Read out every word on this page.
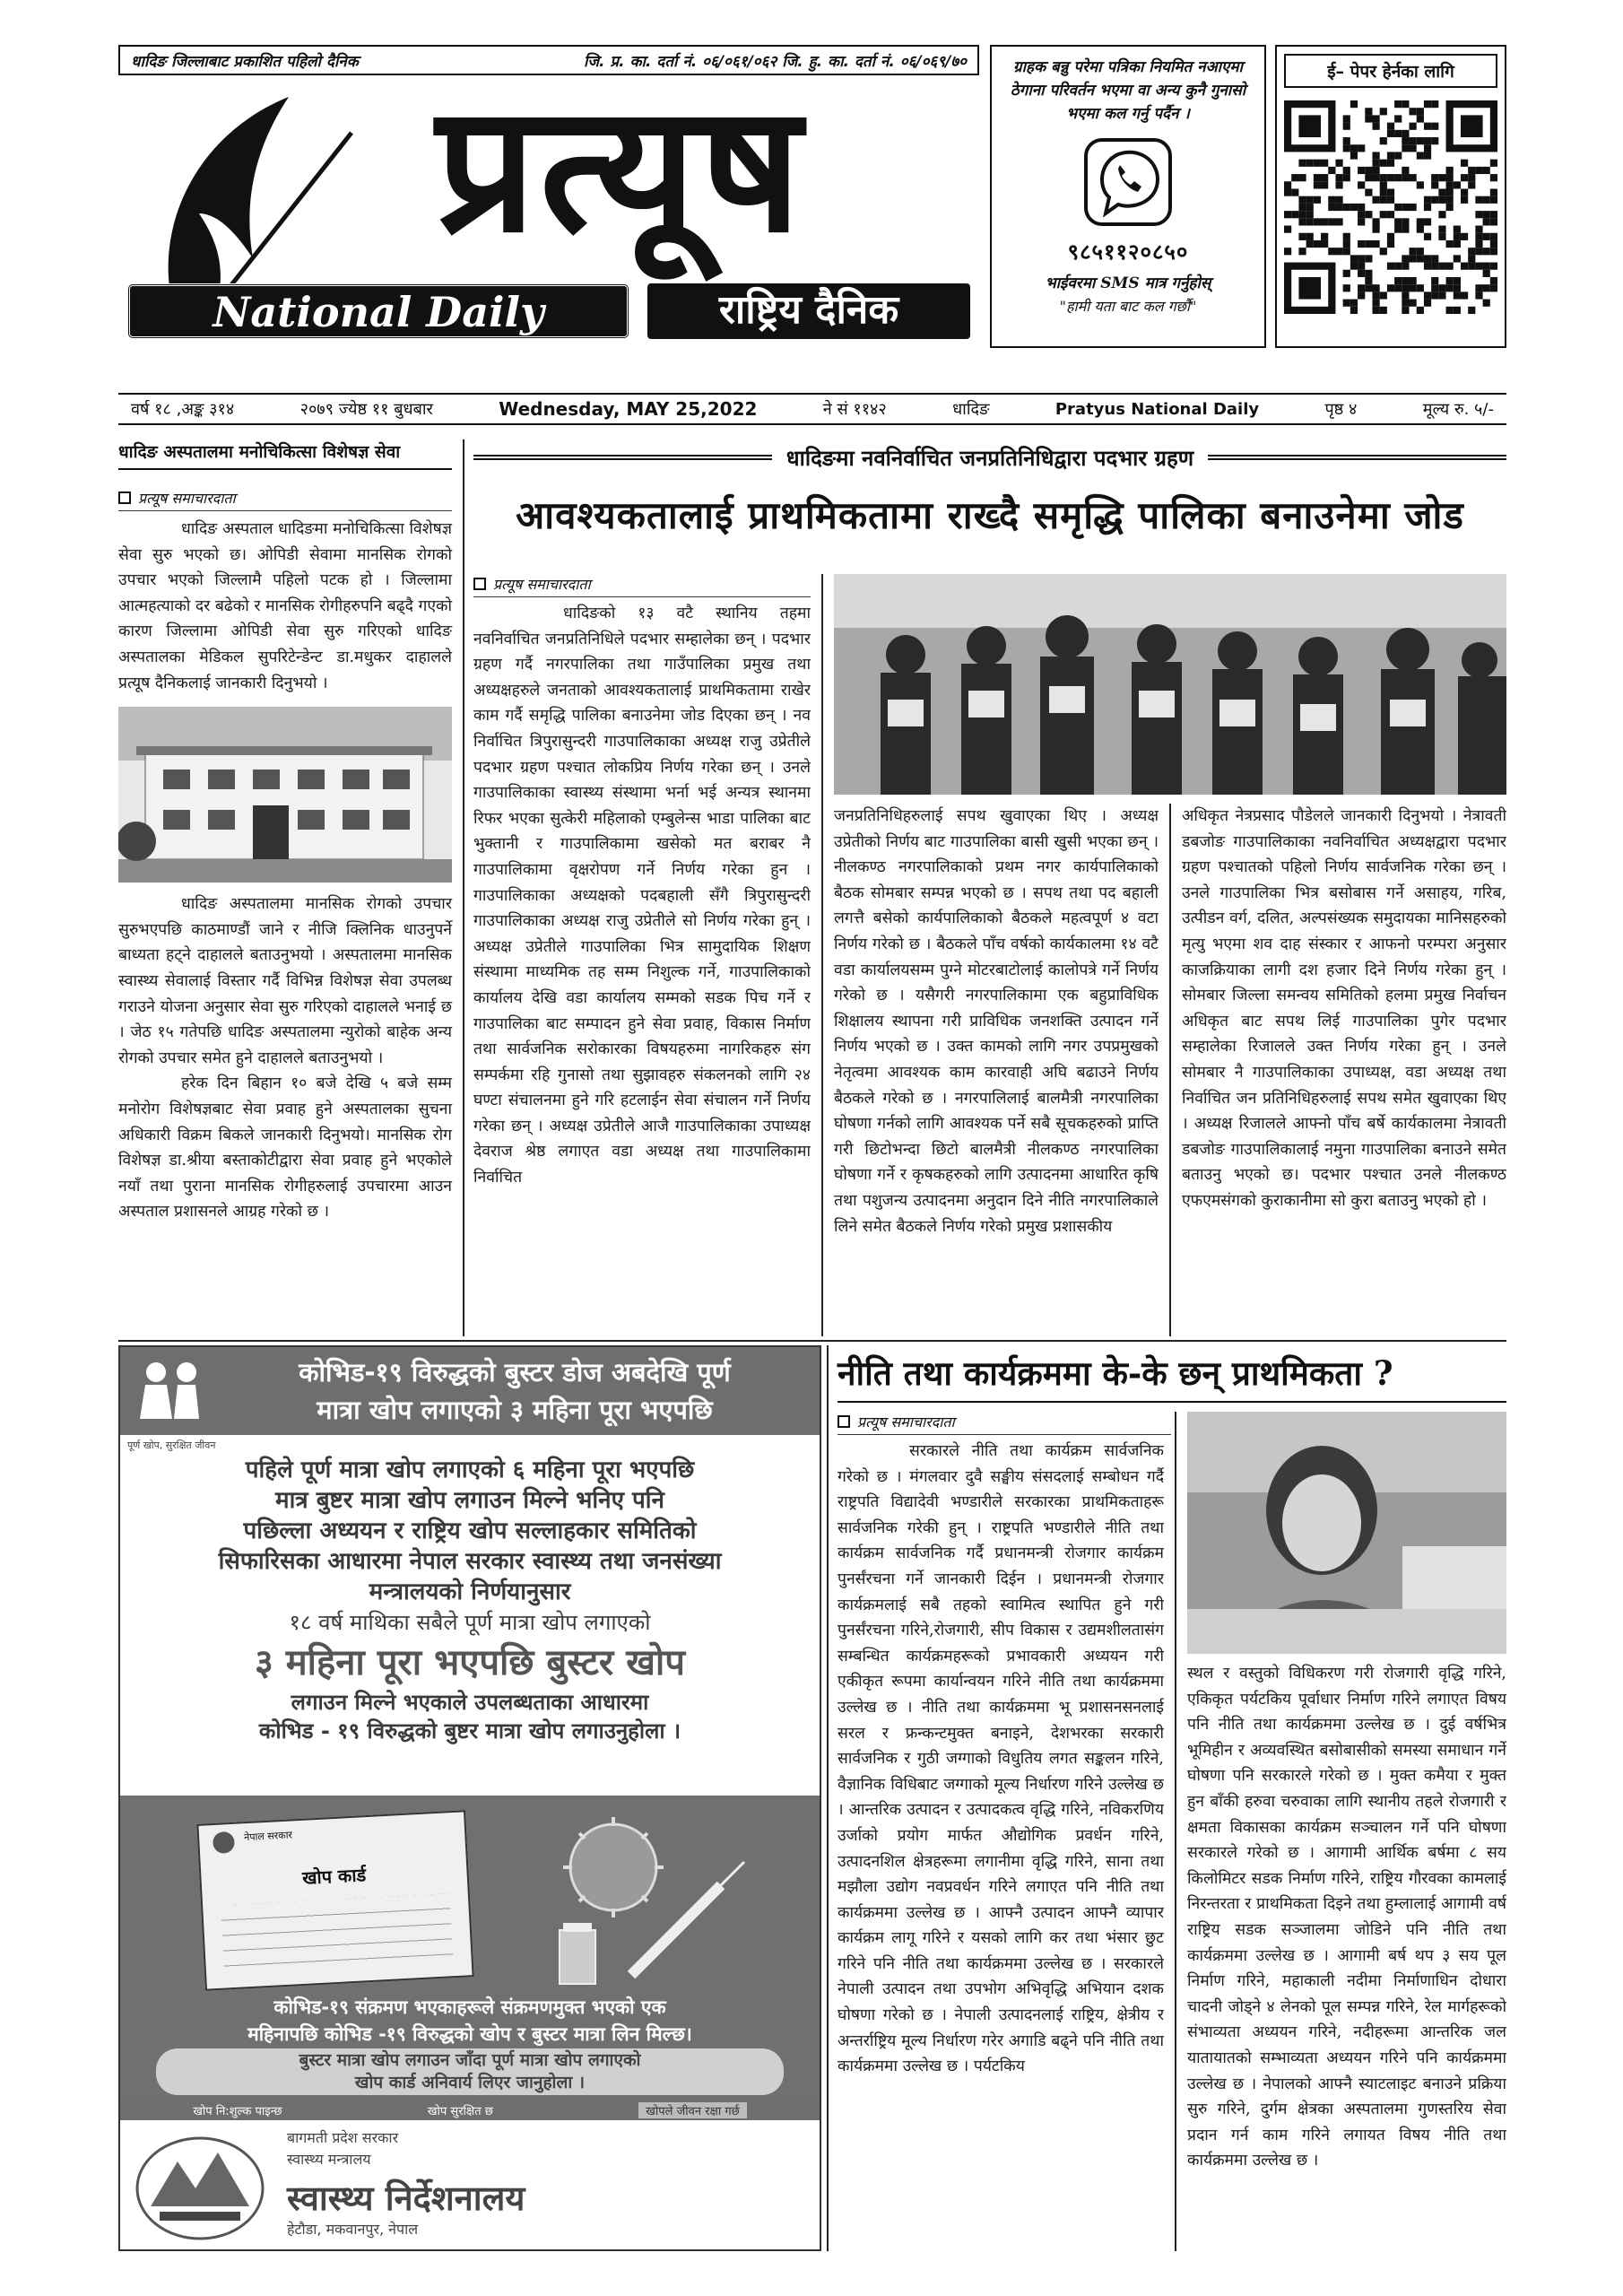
धादिङ जिल्लाबाट प्रकाशित पहिलो दैनिक	जि. प्र. का. दर्ता नं. ०६/०६१/०६२ जि. हु. का. दर्ता नं. ०६/०६९/७०
प्रत्यूष
National Daily	राष्ट्रिय दैनिक
ग्राहक बन्नु परेमा पत्रिका नियमित नआएमा ठेगाना परिवर्तन भएमा वा अन्य कुनै गुनासो भएमा कल गर्नु पर्दैन ।
९८५११२०८५०
भाईवरमा SMS मात्र गर्नुहोस्
"हामी यता बाट कल गर्छौ"
ई– पेपर हेर्नका लागि
वर्ष १८ ,अङ्क ३१४	२०७९ ज्येष्ठ ११ बुधबार	Wednesday, MAY 25,2022	ने सं ११४२	धादिङ	Pratyus National Daily	पृष्ठ ४	मूल्य रु. ५/-
धादिङ अस्पतालमा मनोचिकित्सा विशेषज्ञ सेवा
प्रत्यूष समाचारदाता

धादिङ अस्पताल धादिङमा मनोचिकित्सा विशेषज्ञ सेवा सुरु भएको छ। ओपिडी सेवामा मानसिक रोगको उपचार भएको जिल्लामै पहिलो पटक हो । जिल्लामा आत्महत्याको दर बढेको र मानसिक रोगीहरुपनि बढ्दै गएको कारण जिल्लामा ओपिडी सेवा सुरु गरिएको धादिङ अस्पतालका मेडिकल सुपरिटेन्डेन्ट डा.मधुकर दाहालले प्रत्यूष दैनिकलाई जानकारी दिनुभयो ।

धादिङ अस्पतालमा मानसिक रोगको उपचार सुरुभएपछि काठमाण्डौं जाने र नीजि क्लिनिक धाउनुपर्ने बाध्यता हट्ने दाहालले बताउनुभयो । अस्पतालमा मानसिक स्वास्थ्य सेवालाई विस्तार गर्दै विभिन्न विशेषज्ञ सेवा उपलब्ध गराउने योजना अनुसार सेवा सुरु गरिएको दाहालले भनाई छ । जेठ १५ गतेपछि धादिङ अस्पतालमा न्युरोको बाहेक अन्य रोगको उपचार समेत हुने दाहालले बताउनुभयो ।

हरेक दिन बिहान १० बजे देखि ५ बजे सम्म मनोरोग विशेषज्ञबाट सेवा प्रवाह हुने अस्पतालका सुचना अधिकारी विक्रम बिकले जानकारी दिनुभयो। मानसिक रोग विशेषज्ञ डा.श्रीया बस्ताकोटीद्वारा सेवा प्रवाह हुने भएकोले नयाँ तथा पुराना मानसिक रोगीहरुलाई उपचारमा आउन अस्पताल प्रशासनले आग्रह गरेको छ ।

धादिङमा नवनिर्वाचित जनप्रतिनिधिद्वारा पदभार ग्रहण
आवश्यकतालाई प्राथमिकतामा राख्दै समृद्धि पालिका बनाउनेमा जोड
प्रत्यूष समाचारदाता

धादिङको १३ वटै स्थानिय तहमा नवनिर्वाचित जनप्रतिनिधिले पदभार सम्हालेका छन् । पदभार ग्रहण गर्दै नगरपालिका तथा गाउँपालिका प्रमुख तथा अध्यक्षहरुले जनताको आवश्यकतालाई प्राथमिकतामा राखेर काम गर्दै समृद्धि पालिका बनाउनेमा जोड दिएका छन् । नव निर्वाचित त्रिपुरासुन्दरी गाउपालिकाका अध्यक्ष राजु उप्रेतीले पदभार ग्रहण पश्चात लोकप्रिय निर्णय गरेका छन् । उनले गाउपालिकाका स्वास्थ्य संस्थामा भर्ना भई अन्यत्र स्थानमा रिफर भएका सुत्केरी महिलाको एम्बुलेन्स भाडा पालिका बाट भुक्तानी र गाउपालिकामा खसेको मत बराबर नै गाउपालिकामा वृक्षरोपण गर्ने निर्णय गरेका हुन । गाउपालिकाका अध्यक्षको पदबहाली सँगै त्रिपुरासुन्दरी गाउपालिकाका अध्यक्ष राजु उप्रेतीले सो निर्णय गरेका हुन् । अध्यक्ष उप्रेतीले गाउपालिका भित्र सामुदायिक शिक्षण संस्थामा माध्यमिक तह सम्म निशुल्क गर्ने, गाउपालिकाको कार्यालय देखि वडा कार्यालय सम्मको सडक पिच गर्ने र गाउपालिका बाट सम्पादन हुने सेवा प्रवाह, विकास निर्माण तथा सार्वजनिक सरोकारका विषयहरुमा नागरिकहरु संग सम्पर्कमा रहि गुनासो तथा सुझावहरु संकलनको लागि २४ घण्टा संचालनमा हुने गरि हटलाईन सेवा संचालन गर्ने निर्णय गरेका छन् । अध्यक्ष उप्रेतीले आजै गाउपालिकाका उपाध्यक्ष देवराज श्रेष्ठ लगाएत वडा अध्यक्ष तथा गाउपालिकामा निर्वाचित

जनप्रतिनिधिहरुलाई सपथ खुवाएका थिए । अध्यक्ष उप्रेतीको निर्णय बाट गाउपालिका बासी खुसी भएका छन् । नीलकण्ठ नगरपालिकाको प्रथम नगर कार्यपालिकाको बैठक सोमबार सम्पन्न भएको छ । सपथ तथा पद बहाली लगत्तै बसेको कार्यपालिकाको बैठकले महत्वपूर्ण ४ वटा निर्णय गरेको छ । बैठकले पाँच वर्षको कार्यकालमा १४ वटै वडा कार्यालयसम्म पुग्ने मोटरबाटोलाई कालोपत्रे गर्ने निर्णय गरेको छ । यसैगरी नगरपालिकामा एक बहुप्राविधिक शिक्षालय स्थापना गरी प्राविधिक जनशक्ति उत्पादन गर्ने निर्णय भएको छ । उक्त कामको लागि नगर उपप्रमुखको नेतृत्वमा आवश्यक काम कारवाही अघि बढाउने निर्णय बैठकले गरेको छ । नगरपालिलाई बालमैत्री नगरपालिका घोषणा गर्नको लागि आवश्यक पर्ने सबै सूचकहरुको प्राप्ति गरी छिटोभन्दा छिटो बालमैत्री नीलकण्ठ नगरपालिका घोषणा गर्ने र कृषकहरुको लागि उत्पादनमा आधारित कृषि तथा पशुजन्य उत्पादनमा अनुदान दिने नीति नगरपालिकाले लिने समेत बैठकले निर्णय गरेको प्रमुख प्रशासकीय

अधिकृत नेत्रप्रसाद पौडेलले जानकारी दिनुभयो । नेत्रावती डबजोङ गाउपालिकाका नवनिर्वाचित अध्यक्षद्वारा पदभार ग्रहण पश्चातको पहिलो निर्णय सार्वजनिक गरेका छन् । उनले गाउपालिका भित्र बसोबास गर्ने असाहय, गरिब, उत्पीडन वर्ग, दलित, अल्पसंख्यक समुदायका मानिसहरुको मृत्यु भएमा शव दाह संस्कार र आफनो परम्परा अनुसार काजक्रियाका लागी दश हजार दिने निर्णय गरेका हुन् । सोमबार जिल्ला समन्वय समितिको हलमा प्रमुख निर्वाचन अधिकृत बाट सपथ लिई गाउपालिका पुगेर पदभार सम्हालेका रिजालले उक्त निर्णय गरेका हुन् । उनले सोमबार नै गाउपालिकाका उपाध्यक्ष, वडा अध्यक्ष तथा निर्वाचित जन प्रतिनिधिहरुलाई सपथ समेत खुवाएका थिए । अध्यक्ष रिजालले आफ्नो पाँच बर्षे कार्यकालमा नेत्रावती डबजोङ गाउपालिकालाई नमुना गाउपालिका बनाउने समेत बताउनु भएको छ। पदभार पश्चात उनले नीलकण्ठ एफएमसंगको कुराकानीमा सो कुरा बताउनु भएको हो ।

कोभिड-१९ विरुद्धको बुस्टर डोज अबदेखि पूर्ण
मात्रा खोप लगाएको ३ महिना पूरा भएपछि
पूर्ण खोप, सुरक्षित जीवन
पहिले पूर्ण मात्रा खोप लगाएको ६ महिना पूरा भएपछि
मात्र बुष्टर मात्रा खोप लगाउन मिल्ने भनिए पनि
पछिल्ला अध्ययन र राष्ट्रिय खोप सल्लाहकार समितिको
सिफारिसका आधारमा नेपाल सरकार स्वास्थ्य तथा जनसंख्या
मन्त्रालयको निर्णयानुसार
१८ वर्ष माथिका सबैले पूर्ण मात्रा खोप लगाएको
३ महिना पूरा भएपछि बुस्टर खोप
लगाउन मिल्ने भएकाले उपलब्धताका आधारमा
कोभिड - १९ विरुद्धको बुष्टर मात्रा खोप लगाउनुहोला ।
नेपाल सरकार
खोप कार्ड
कोभिड-१९ संक्रमण भएकाहरूले संक्रमणमुक्त भएको एक
महिनापछि कोभिड -१९ विरुद्धको खोप र बुस्टर मात्रा लिन मिल्छ।
बुस्टर मात्रा खोप लगाउन जाँदा पूर्ण मात्रा खोप लगाएको
खोप कार्ड अनिवार्य लिएर जानुहोला ।
खोप नि:शुल्क पाइन्छ	खोप सुरक्षित छ	खोपले जीवन रक्षा गर्छ
बागमती प्रदेश सरकार
स्वास्थ्य मन्त्रालय
स्वास्थ्य निर्देशनालय
हेटौडा, मकवानपुर, नेपाल
नीति तथा कार्यक्रममा के-के छन् प्राथमिकता ?
प्रत्यूष समाचारदाता

सरकारले नीति तथा कार्यक्रम सार्वजनिक गरेको छ । मंगलवार दुवै सङ्घीय संसदलाई सम्बोधन गर्दै राष्ट्रपति विद्यादेवी भण्डारीले सरकारका प्राथमिकताहरू सार्वजनिक गरेकी हुन् । राष्ट्रपति भण्डारीले नीति तथा कार्यक्रम सार्वजनिक गर्दै प्रधानमन्त्री रोजगार कार्यक्रम पुनर्संरचना गर्ने जानकारी दिईन । प्रधानमन्त्री रोजगार कार्यक्रमलाई सबै तहको स्वामित्व स्थापित हुने गरी पुनर्संरचना गरिने,रोजगारी, सीप विकास र उद्यमशीलतासंग सम्बन्धित कार्यक्रमहरूको प्रभावकारी अध्ययन गरी एकीकृत रूपमा कार्यान्वयन गरिने नीति तथा कार्यक्रममा उल्लेख छ । नीति तथा कार्यक्रममा भू प्रशासनसनलाई सरल र फ्रन्कन्टमुक्त बनाइने, देशभरका सरकारी सार्वजनिक र गुठी जग्गाको विधुतिय लगत सङ्कलन गरिने, वैज्ञानिक विधिबाट जग्गाको मूल्य निर्धारण गरिने उल्लेख छ । आन्तरिक उत्पादन र उत्पादकत्व वृद्धि गरिने, नविकरणिय उर्जाको प्रयोग मार्फत औद्योगिक प्रवर्धन गरिने, उत्पादनशिल क्षेत्रहरूमा लगानीमा वृद्धि गरिने, साना तथा मझौला उद्योग नवप्रवर्धन गरिने लगाएत पनि नीति तथा कार्यक्रममा उल्लेख छ । आफ्नै उत्पादन आफ्नै व्यापार कार्यक्रम लागू गरिने र यसको लागि कर तथा भंसार छुट गरिने पनि नीति तथा कार्यक्रममा उल्लेख छ । सरकारले नेपाली उत्पादन तथा उपभोग अभिवृद्धि अभियान दशक घोषणा गरेको छ । नेपाली उत्पादनलाई राष्ट्रिय, क्षेत्रीय र अन्तर्राष्ट्रिय मूल्य निर्धारण गरेर अगाडि बढ्ने पनि नीति तथा कार्यक्रममा उल्लेख छ । पर्यटकिय

स्थल र वस्तुको विधिकरण गरी रोजगारी वृद्धि गरिने, एकिकृत पर्यटकिय पूर्वाधार निर्माण गरिने लगाएत विषय पनि नीति तथा कार्यक्रममा उल्लेख छ । दुई वर्षभित्र भूमिहीन र अव्यवस्थित बसोबासीको समस्या समाधान गर्ने घोषणा पनि सरकारले गरेको छ । मुक्त कमैया र मुक्त हुन बाँकी हरुवा चरुवाका लागि स्थानीय तहले रोजगारी र क्षमता विकासका कार्यक्रम सञ्चालन गर्ने पनि घोषणा सरकारले गरेको छ । आगामी आर्थिक बर्षमा ८ सय किलोमिटर सडक निर्माण गरिने, राष्ट्रिय गौरवका कामलाई निरन्तरता र प्राथमिकता दिइने तथा हुम्लालाई आगामी वर्ष राष्ट्रिय सडक सञ्जालमा जोडिने पनि नीति तथा कार्यक्रममा उल्लेख छ । आगामी बर्ष थप ३ सय पूल निर्माण गरिने, महाकाली नदीमा निर्माणाधिन दोधारा चादनी जोड्ने ४ लेनको पूल सम्पन्न गरिने, रेल मार्गहरूको संभाव्यता अध्ययन गरिने, नदीहरूमा आन्तरिक जल यातायातको सम्भाव्यता अध्ययन गरिने पनि कार्यक्रममा उल्लेख छ । नेपालको आफ्नै स्याटलाइट बनाउने प्रक्रिया सुरु गरिने, दुर्गम क्षेत्रका अस्पतालमा गुणस्तरिय सेवा प्रदान गर्न काम गरिने लगायत विषय नीति तथा कार्यक्रममा उल्लेख छ ।
